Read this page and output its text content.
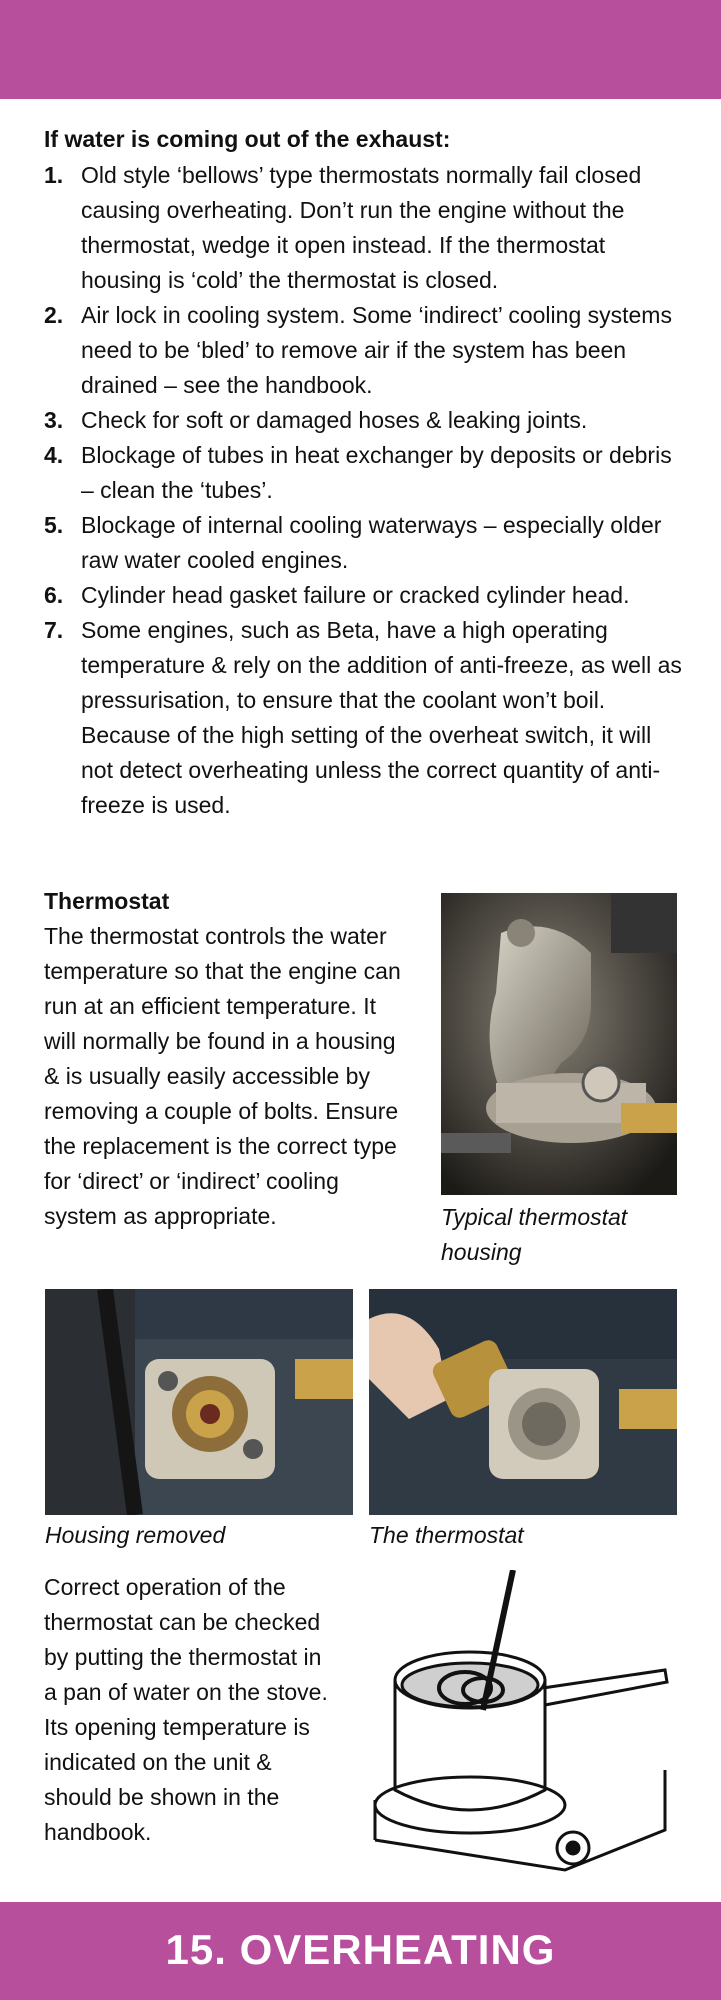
If water is coming out of the exhaust:
1. Old style ‘bellows’ type thermostats normally fail closed causing overheating. Don’t run the engine without the thermostat, wedge it open instead. If the thermostat housing is ‘cold’ the thermostat is closed.
2. Air lock in cooling system. Some ‘indirect’ cooling systems need to be ‘bled’ to remove air if the system has been drained – see the handbook.
3. Check for soft or damaged hoses & leaking joints.
4. Blockage of tubes in heat exchanger by deposits or debris – clean the ‘tubes’.
5. Blockage of internal cooling waterways – especially older raw water cooled engines.
6. Cylinder head gasket failure or cracked cylinder head.
7. Some engines, such as Beta, have a high operating temperature & rely on the addition of anti-freeze, as well as pressurisation, to ensure that the coolant won’t boil. Because of the high setting of the overheat switch, it will not detect overheating unless the correct quantity of anti-freeze is used.
Thermostat
The thermostat controls the water temperature so that the engine can run at an efficient temperature. It will normally be found in a housing & is usually easily accessible by removing a couple of bolts. Ensure the replacement is the correct type for ‘direct’ or ‘indirect’ cooling system as appropriate.	Typical thermostat housing
Housing removed	The thermostat
Correct operation of the thermostat can be checked by putting the thermostat in a pan of water on the stove. Its opening temperature is indicated on the unit & should be shown in the handbook.
15. OVERHEATING
